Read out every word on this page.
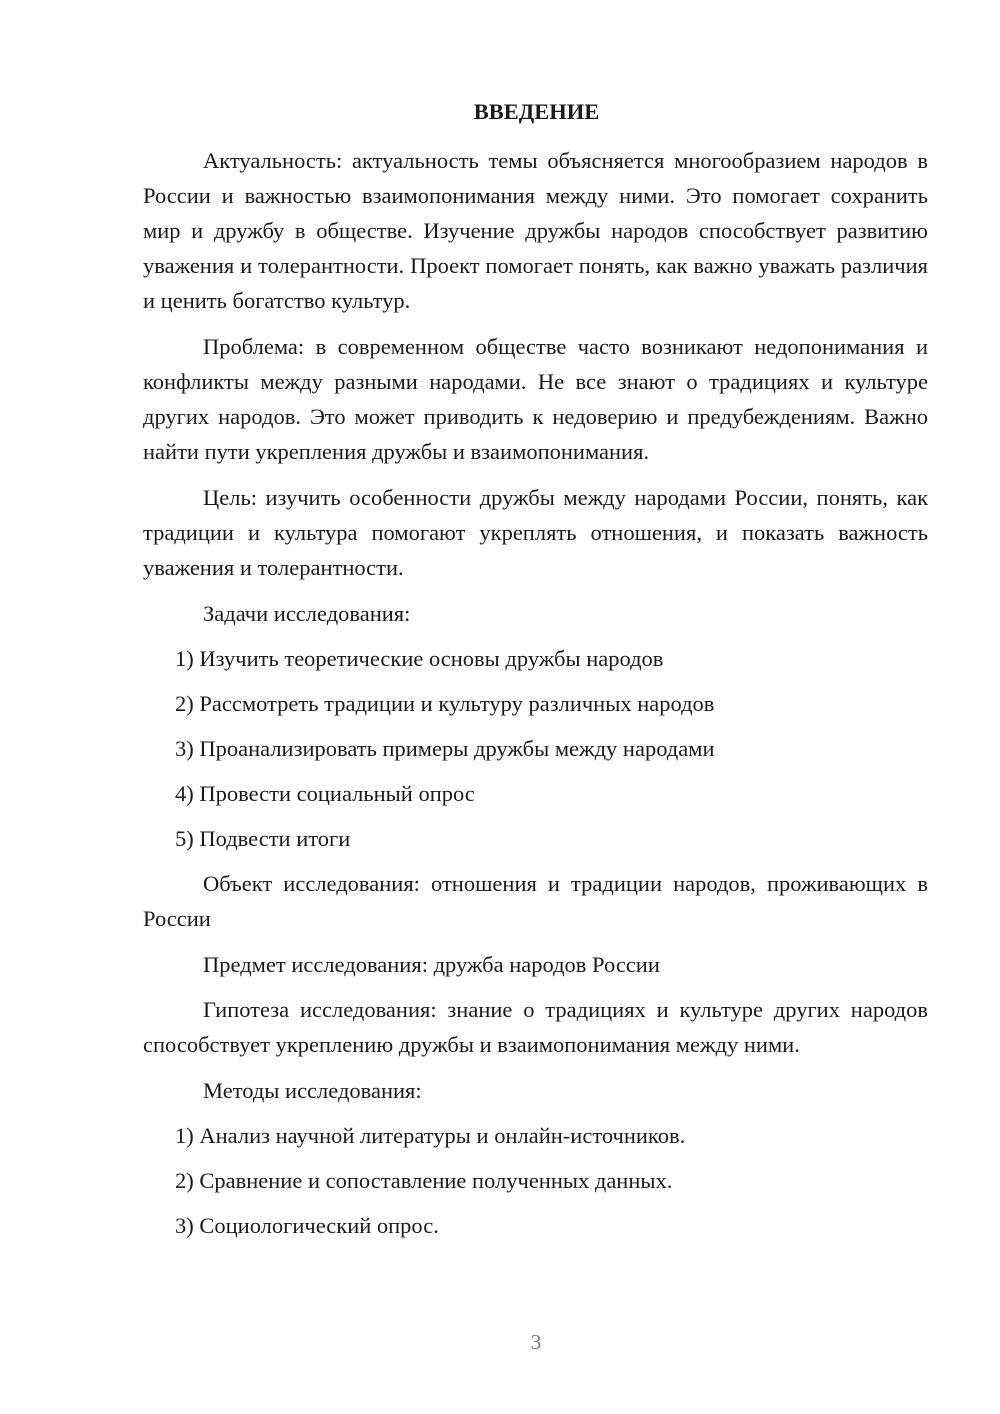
ВВЕДЕНИЕ

Актуальность: актуальность темы объясняется многообразием народов в России и важностью взаимопонимания между ними. Это помогает сохранить мир и дружбу в обществе. Изучение дружбы народов способствует развитию уважения и толерантности. Проект помогает понять, как важно уважать различия и ценить богатство культур.

Проблема: в современном обществе часто возникают недопонимания и конфликты между разными народами. Не все знают о традициях и культуре других народов. Это может приводить к недоверию и предубеждениям. Важно найти пути укрепления дружбы и взаимопонимания.

Цель: изучить особенности дружбы между народами России, понять, как традиции и культура помогают укреплять отношения, и показать важность уважения и толерантности.

Задачи исследования:

1) Изучить теоретические основы дружбы народов

2) Рассмотреть традиции и культуру различных народов

3) Проанализировать примеры дружбы между народами

4) Провести социальный опрос

5) Подвести итоги

Объект исследования: отношения и традиции народов, проживающих в России

Предмет исследования: дружба народов России

Гипотеза исследования: знание о традициях и культуре других народов способствует укреплению дружбы и взаимопонимания между ними.

Методы исследования:

1) Анализ научной литературы и онлайн-источников.

2) Сравнение и сопоставление полученных данных.

3) Социологический опрос.

3
